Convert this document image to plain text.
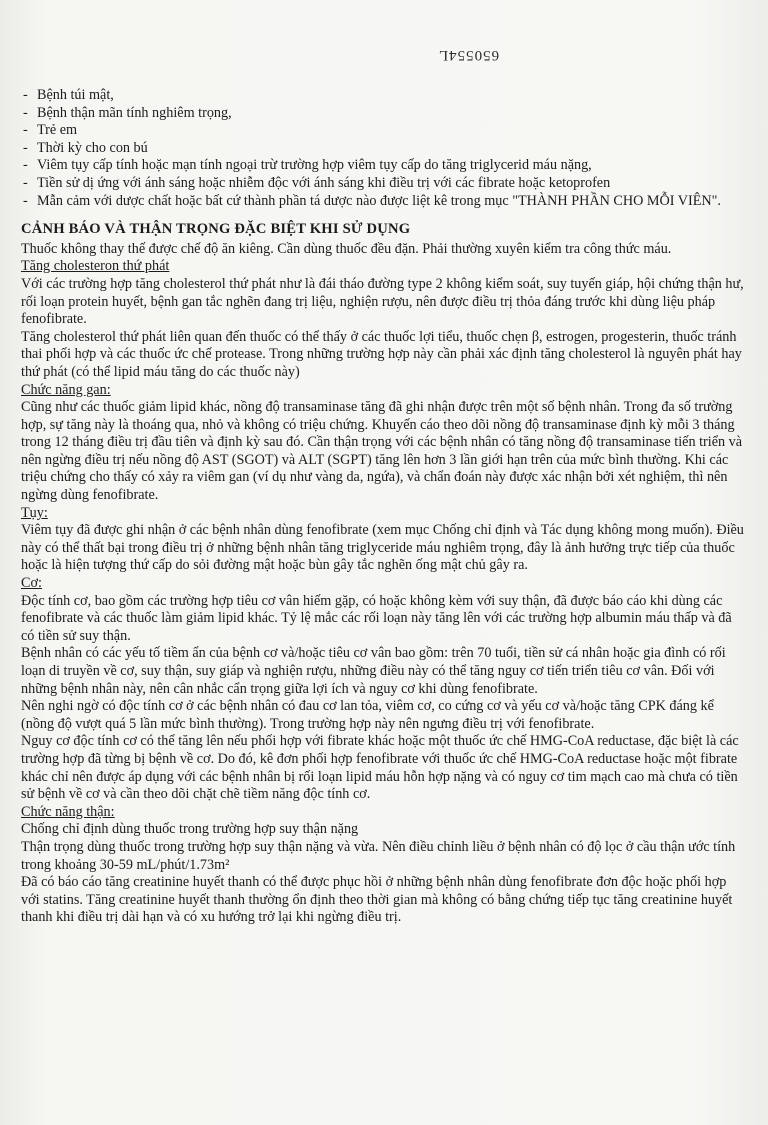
650554L
- Bệnh túi mật,
- Bệnh thận mãn tính nghiêm trọng,
- Trẻ em
- Thời kỳ cho con bú
- Viêm tụy cấp tính hoặc mạn tính ngoại trừ trường hợp viêm tụy cấp do tăng triglycerid máu nặng,
- Tiền sử dị ứng với ánh sáng hoặc nhiễm độc với ánh sáng khi điều trị với các fibrate hoặc ketoprofen
- Mẫn cảm với dược chất hoặc bất cứ thành phần tá dược nào được liệt kê trong mục "THÀNH PHẦN CHO MỖI VIÊN".
CẢNH BÁO VÀ THẬN TRỌNG ĐẶC BIỆT KHI SỬ DỤNG

Thuốc không thay thế được chế độ ăn kiêng. Cần dùng thuốc đều đặn. Phải thường xuyên kiểm tra công thức máu.

Tăng cholesteron thứ phát

Với các trường hợp tăng cholesterol thứ phát như là đái tháo đường type 2 không kiểm soát, suy tuyến giáp, hội chứng thận hư, rối loạn protein huyết, bệnh gan tắc nghẽn đang trị liệu, nghiện rượu, nên được điều trị thỏa đáng trước khi dùng liệu pháp fenofibrate.

Tăng cholesterol thứ phát liên quan đến thuốc có thể thấy ở các thuốc lợi tiểu, thuốc chẹn β, estrogen, progesterin, thuốc tránh thai phối hợp và các thuốc ức chế protease. Trong những trường hợp này cần phải xác định tăng cholesterol là nguyên phát hay thứ phát (có thể lipid máu tăng do các thuốc này)

Chức năng gan:

Cũng như các thuốc giảm lipid khác, nồng độ transaminase tăng đã ghi nhận được trên một số bệnh nhân. Trong đa số trường hợp, sự tăng này là thoáng qua, nhỏ và không có triệu chứng. Khuyến cáo theo dõi nồng độ transaminase định kỳ mỗi 3 tháng trong 12 tháng điều trị đầu tiên và định kỳ sau đó. Cần thận trọng với các bệnh nhân có tăng nồng độ transaminase tiến triển và nên ngừng điều trị nếu nồng độ AST (SGOT) và ALT (SGPT) tăng lên hơn 3 lần giới hạn trên của mức bình thường. Khi các triệu chứng cho thấy có xảy ra viêm gan (ví dụ như vàng da, ngứa), và chẩn đoán này được xác nhận bởi xét nghiệm, thì nên ngừng dùng fenofibrate.

Tụy:

Viêm tụy đã được ghi nhận ở các bệnh nhân dùng fenofibrate (xem mục Chống chỉ định và Tác dụng không mong muốn). Điều này có thể thất bại trong điều trị ở những bệnh nhân tăng triglyceride máu nghiêm trọng, đây là ảnh hưởng trực tiếp của thuốc hoặc là hiện tượng thứ cấp do sỏi đường mật hoặc bùn gây tắc nghẽn ống mật chủ gây ra.

Cơ:

Độc tính cơ, bao gồm các trường hợp tiêu cơ vân hiếm gặp, có hoặc không kèm với suy thận, đã được báo cáo khi dùng các fenofibrate và các thuốc làm giảm lipid khác. Tỷ lệ mắc các rối loạn này tăng lên với các trường hợp albumin máu thấp và đã có tiền sử suy thận.

Bệnh nhân có các yếu tố tiềm ẩn của bệnh cơ và/hoặc tiêu cơ vân bao gồm: trên 70 tuổi, tiền sử cá nhân hoặc gia đình có rối loạn di truyền về cơ, suy thận, suy giáp và nghiện rượu, những điều này có thể tăng nguy cơ tiến triển tiêu cơ vân. Đối với những bệnh nhân này, nên cân nhắc cẩn trọng giữa lợi ích và nguy cơ khi dùng fenofibrate.

Nên nghi ngờ có độc tính cơ ở các bệnh nhân có đau cơ lan tỏa, viêm cơ, co cứng cơ và yếu cơ và/hoặc tăng CPK đáng kể (nồng độ vượt quá 5 lần mức bình thường). Trong trường hợp này nên ngưng điều trị với fenofibrate.

Nguy cơ độc tính cơ có thể tăng lên nếu phối hợp với fibrate khác hoặc một thuốc ức chế HMG-CoA reductase, đặc biệt là các trường hợp đã từng bị bệnh về cơ. Do đó, kê đơn phối hợp fenofibrate với thuốc ức chế HMG-CoA reductase hoặc một fibrate khác chỉ nên được áp dụng với các bệnh nhân bị rối loạn lipid máu hỗn hợp nặng và có nguy cơ tim mạch cao mà chưa có tiền sử bệnh về cơ và cần theo dõi chặt chẽ tiềm năng độc tính cơ.

Chức năng thận:

Chống chỉ định dùng thuốc trong trường hợp suy thận nặng

Thận trọng dùng thuốc trong trường hợp suy thận nặng và vừa. Nên điều chỉnh liều ở bệnh nhân có độ lọc ở cầu thận ước tính trong khoảng 30-59 mL/phút/1.73m²

Đã có báo cáo tăng creatinine huyết thanh có thể được phục hồi ở những bệnh nhân dùng fenofibrate đơn độc hoặc phối hợp với statins. Tăng creatinine huyết thanh thường ổn định theo thời gian mà không có bằng chứng tiếp tục tăng creatinine huyết thanh khi điều trị dài hạn và có xu hướng trở lại khi ngừng điều trị.
